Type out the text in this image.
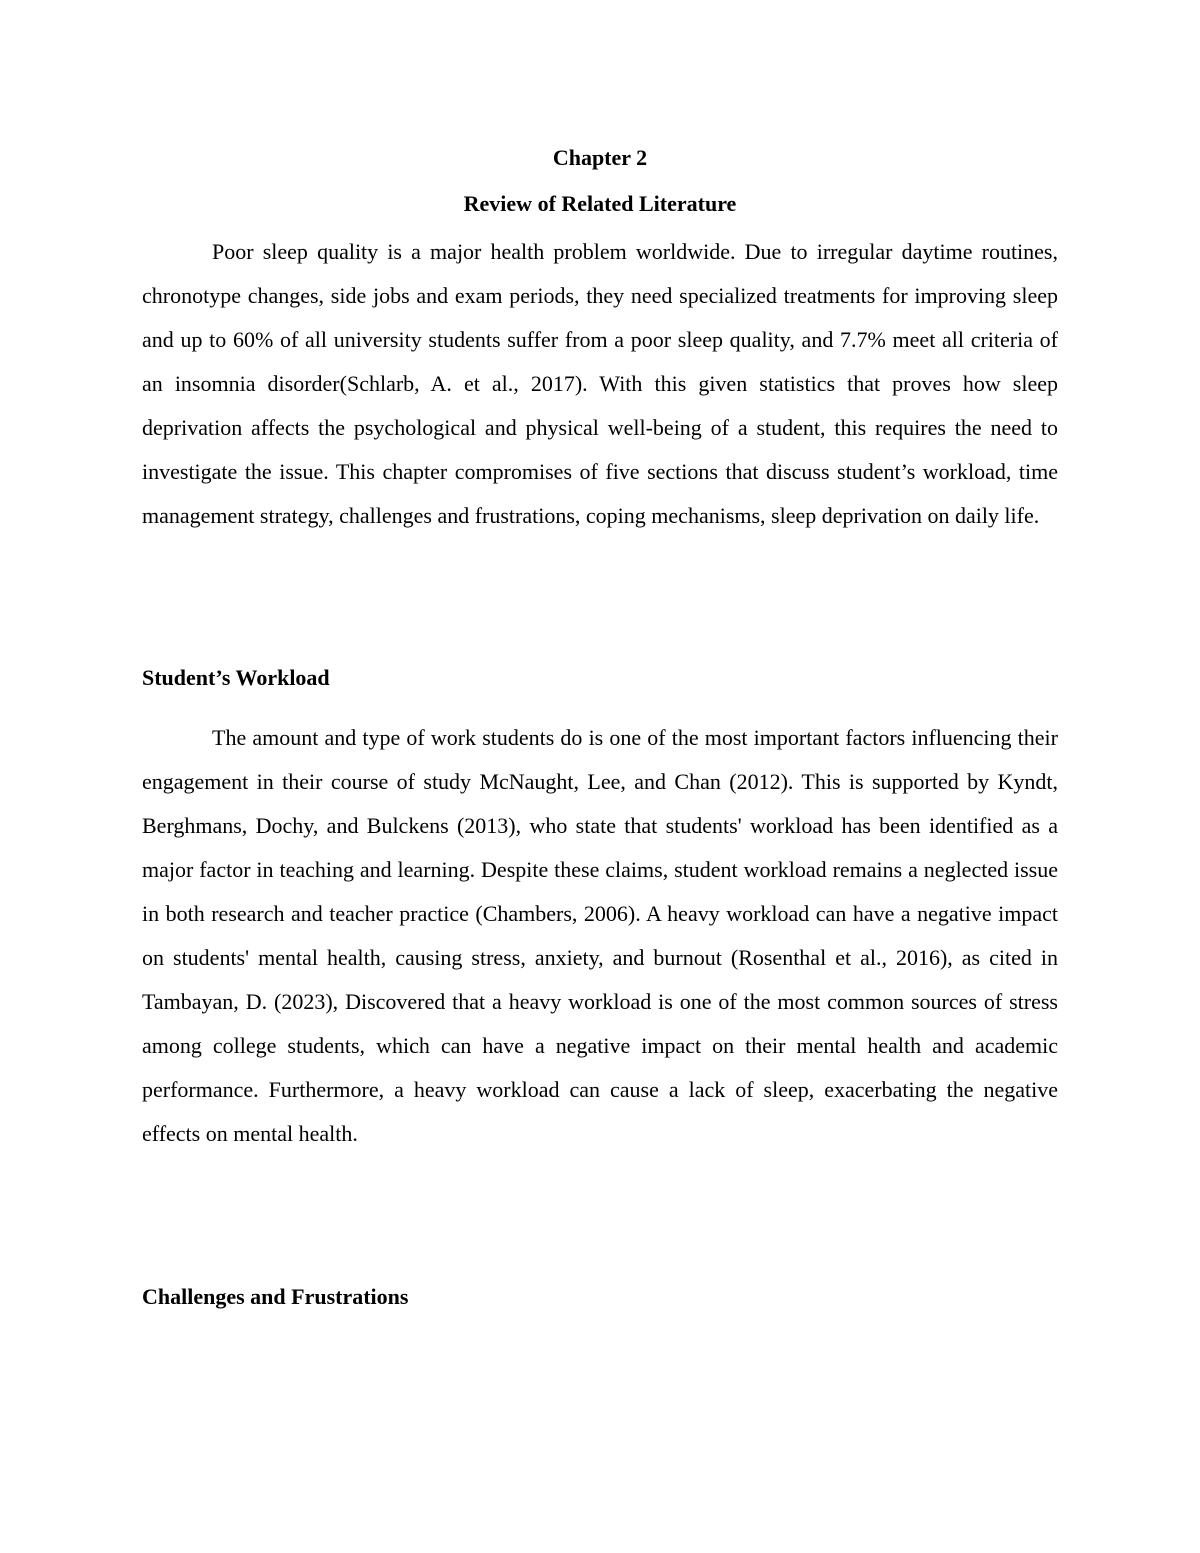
Chapter 2
Review of Related Literature

Poor sleep quality is a major health problem worldwide. Due to irregular daytime routines, chronotype changes, side jobs and exam periods, they need specialized treatments for improving sleep and up to 60% of all university students suffer from a poor sleep quality, and 7.7% meet all criteria of an insomnia disorder(Schlarb, A. et al., 2017). With this given statistics that proves how sleep deprivation affects the psychological and physical well-being of a student, this requires the need to investigate the issue. This chapter compromises of five sections that discuss student’s workload, time management strategy, challenges and frustrations, coping mechanisms, sleep deprivation on daily life.

Student’s Workload

The amount and type of work students do is one of the most important factors influencing their engagement in their course of study McNaught, Lee, and Chan (2012). This is supported by Kyndt, Berghmans, Dochy, and Bulckens (2013), who state that students' workload has been identified as a major factor in teaching and learning. Despite these claims, student workload remains a neglected issue in both research and teacher practice (Chambers, 2006). A heavy workload can have a negative impact on students' mental health, causing stress, anxiety, and burnout (Rosenthal et al., 2016), as cited in Tambayan, D. (2023), Discovered that a heavy workload is one of the most common sources of stress among college students, which can have a negative impact on their mental health and academic performance. Furthermore, a heavy workload can cause a lack of sleep, exacerbating the negative effects on mental health.

Challenges and Frustrations
